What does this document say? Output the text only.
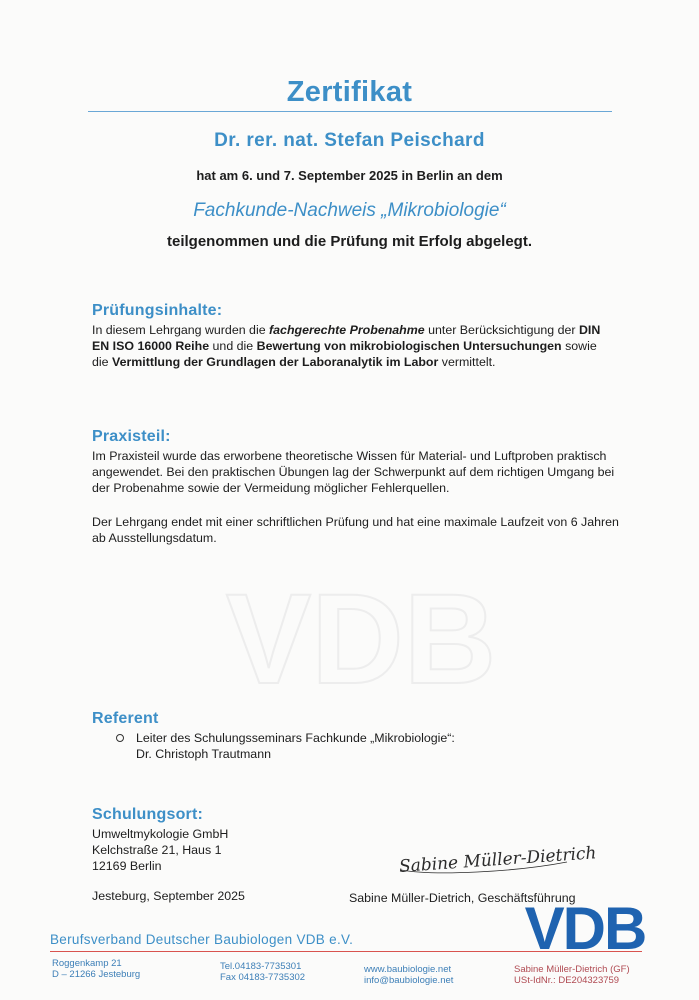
Zertifikat
Dr. rer. nat. Stefan Peischard
hat am 6. und 7. September 2025 in Berlin an dem
Fachkunde-Nachweis „Mikrobiologie“
teilgenommen und die Prüfung mit Erfolg abgelegt.
Prüfungsinhalte:
In diesem Lehrgang wurden die fachgerechte Probenahme unter Berücksichtigung der DIN EN ISO 16000 Reihe und die Bewertung von mikrobiologischen Untersuchungen sowie die Vermittlung der Grundlagen der Laboranalytik im Labor vermittelt.
Praxisteil:
Im Praxisteil wurde das erworbene theoretische Wissen für Material- und Luftproben praktisch angewendet. Bei den praktischen Übungen lag der Schwerpunkt auf dem richtigen Umgang bei der Probenahme sowie der Vermeidung möglicher Fehlerquellen.
Der Lehrgang endet mit einer schriftlichen Prüfung und hat eine maximale Laufzeit von 6 Jahren ab Ausstellungsdatum.
VDB
Referent
Leiter des Schulungsseminars Fachkunde „Mikrobiologie“:
Dr. Christoph Trautmann
Schulungsort:
Umweltmykologie GmbH
Kelchstraße 21, Haus 1
12169 Berlin
Jesteburg, September 2025
Sabine Müller-Dietrich
Sabine Müller-Dietrich, Geschäftsführung
VDB
Berufsverband Deutscher Baubiologen VDB e.V.
Roggenkamp 21
D – 21266 Jesteburg
Tel.04183-7735301
Fax 04183-7735302
www.baubiologie.net
info@baubiologie.net
Sabine Müller-Dietrich (GF)
USt-IdNr.: DE204323759
